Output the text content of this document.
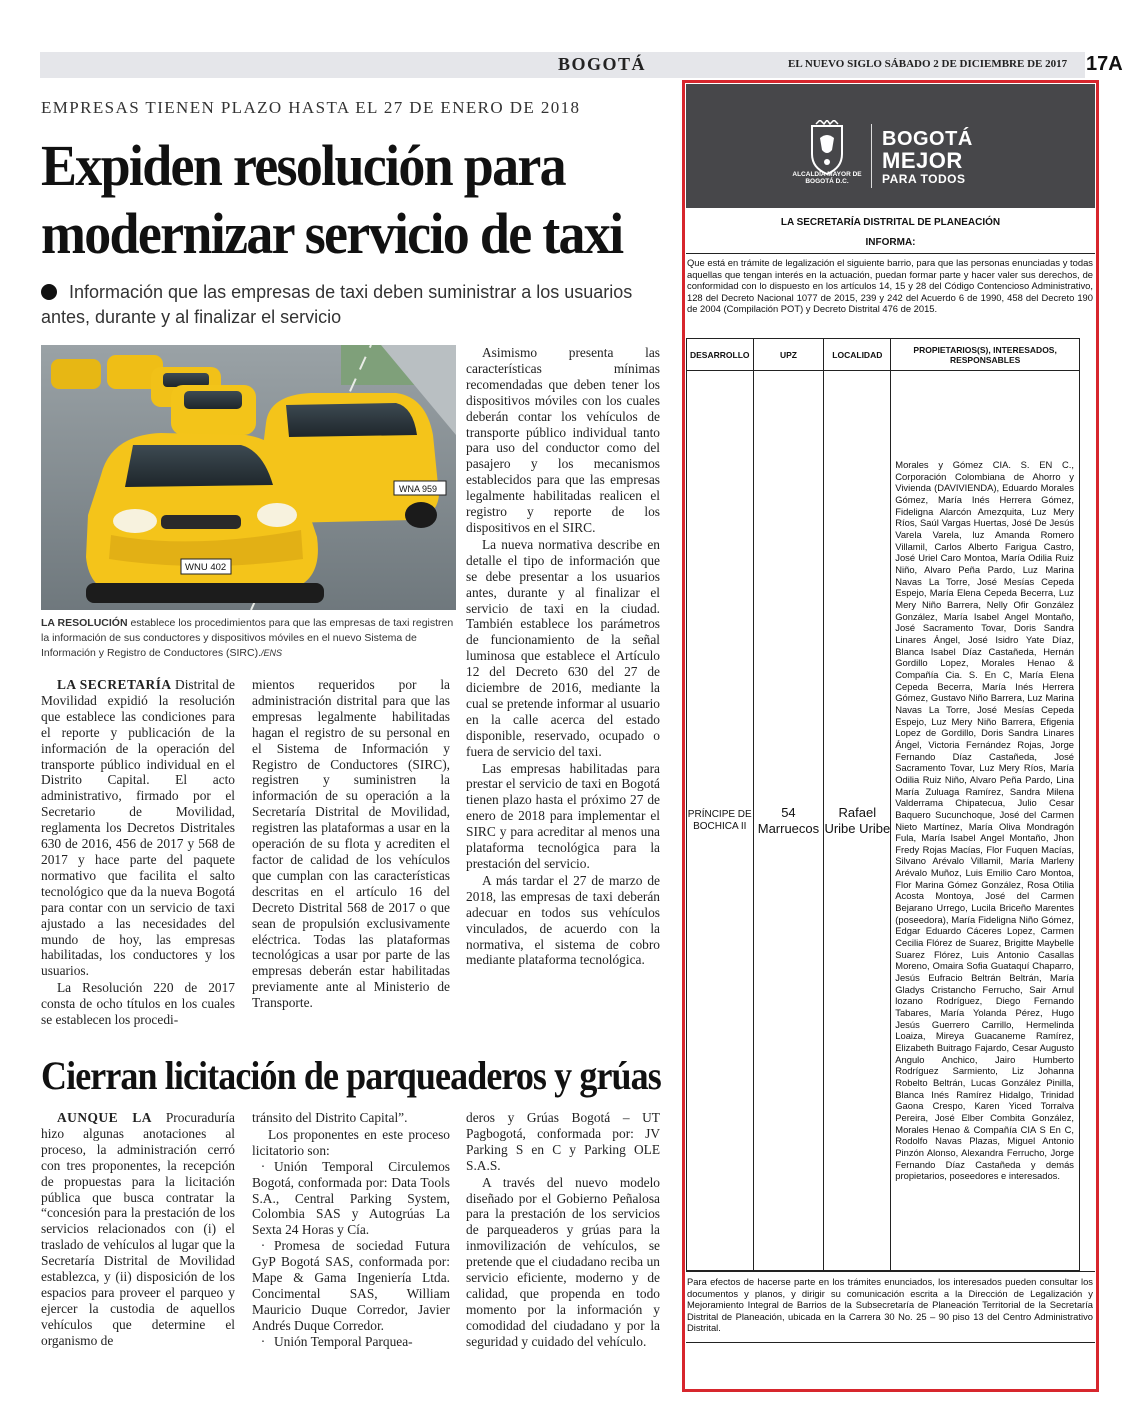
BOGOTÁ	EL NUEVO SIGLO SÁBADO 2 DE DICIEMBRE DE 2017 17A
EMPRESAS TIENEN PLAZO HASTA EL 27 DE ENERO DE 2018
Expiden resolución para modernizar servicio de taxi
Información que las empresas de taxi deben suministrar a los usuarios antes, durante y al finalizar el servicio
WNA 959
WNU 402
LA RESOLUCIÓN establece los procedimientos para que las empresas de taxi registren la información de sus conductores y dispositivos móviles en el nuevo Sistema de Información y Registro de Conductores (SIRC)./ENS

LA SECRETARÍA Distrital de Movilidad expidió la resolución que establece las condiciones para el reporte y publicación de la información de la operación del transporte público individual en el Distrito Capital. El acto administrativo, firmado por el Secretario de Movilidad, reglamenta los Decretos Distritales 630 de 2016, 456 de 2017 y 568 de 2017 y hace parte del paquete normativo que facilita el salto tecnológico que da la nueva Bogotá para contar con un servicio de taxi ajustado a las necesidades del mundo de hoy, las empresas habilitadas, los conductores y los usuarios.

La Resolución 220 de 2017 consta de ocho títulos en los cuales se establecen los procedi-

mientos requeridos por la administración distrital para que las empresas legalmente habilitadas hagan el registro de su personal en el Sistema de Información y Registro de Conductores (SIRC), registren y suministren la información de su operación a la Secretaría Distrital de Movilidad, registren las plataformas a usar en la operación de su flota y acrediten el factor de calidad de los vehículos que cumplan con las características descritas en el artículo 16 del Decreto Distrital 568 de 2017 o que sean de propulsión exclusivamente eléctrica. Todas las plataformas tecnológicas a usar por parte de las empresas deberán estar habilitadas previamente ante al Ministerio de Transporte.

Asimismo presenta las características mínimas recomendadas que deben tener los dispositivos móviles con los cuales deberán contar los vehículos de transporte público individual tanto para uso del conductor como del pasajero y los mecanismos establecidos para que las empresas legalmente habilitadas realicen el registro y reporte de los dispositivos en el SIRC.

La nueva normativa describe en detalle el tipo de información que se debe presentar a los usuarios antes, durante y al finalizar el servicio de taxi en la ciudad. También establece los parámetros de funcionamiento de la señal luminosa que establece el Artículo 12 del Decreto 630 del 27 de diciembre de 2016, mediante la cual se pretende informar al usuario en la calle acerca del estado disponible, reservado, ocupado o fuera de servicio del taxi.

Las empresas habilitadas para prestar el servicio de taxi en Bogotá tienen plazo hasta el próximo 27 de enero de 2018 para implementar el SIRC y para acreditar al menos una plataforma tecnológica para la prestación del servicio.

A más tardar el 27 de marzo de 2018, las empresas de taxi deberán adecuar en todos sus vehículos vinculados, de acuerdo con la normativa, el sistema de cobro mediante plataforma tecnológica.

Cierran licitación de parqueaderos y grúas

AUNQUE LA Procuraduría hizo algunas anotaciones al proceso, la administración cerró con tres proponentes, la recepción de propuestas para la licitación pública que busca contratar la “concesión para la prestación de los servicios relacionados con (i) el traslado de vehículos al lugar que la Secretaría Distrital de Movilidad establezca, y (ii) disposición de los espacios para proveer el parqueo y ejercer la custodia de aquellos vehículos que determine el organismo de

tránsito del Distrito Capital”.

Los proponentes en este proceso licitatorio son:

· Unión Temporal Circulemos Bogotá, conformada por: Data Tools S.A., Central Parking System, Colombia SAS y Autogrúas La Sexta 24 Horas y Cía.
· Promesa de sociedad Futura GyP Bogotá SAS, conformada por: Mape & Gama Ingeniería Ltda. Concimental SAS, William Mauricio Duque Corredor, Javier Andrés Duque Corredor.
· Unión Temporal Parquea-

deros y Grúas Bogotá – UT Pagbogotá, conformada por: JV Parking S en C y Parking OLE S.A.S.

A través del nuevo modelo diseñado por el Gobierno Peñalosa para la prestación de los servicios de parqueaderos y grúas para la inmovilización de vehículos, se pretende que el ciudadano reciba un servicio eficiente, moderno y de calidad, que propenda en todo momento por la información y comodidad del ciudadano y por la seguridad y cuidado del vehículo.

ALCALDÍA MAYOR DE BOGOTÁ D.C.
BOGOTÁ
MEJOR
PARA TODOS
LA SECRETARÍA DISTRITAL DE PLANEACIÓN
INFORMA:
Que está en trámite de legalización el siguiente barrio, para que las personas enunciadas y todas aquellas que tengan interés en la actuación, puedan formar parte y hacer valer sus derechos, de conformidad con lo dispuesto en los artículos 14, 15 y 28 del Código Contencioso Administrativo, 128 del Decreto Nacional 1077 de 2015, 239 y 242 del Acuerdo 6 de 1990, 458 del Decreto 190 de 2004 (Compilación POT) y Decreto Distrital 476 de 2015.
DESARROLLO	UPZ	LOCALIDAD	PROPIETARIOS(S), INTERESADOS, RESPONSABLES
PRÍNCIPE DE BOCHICA II	54 Marruecos	Rafael Uribe Uribe	Morales y Gómez CIA. S. EN C., Corporación Colombiana de Ahorro y Vivienda (DAVIVIENDA), Eduardo Morales Gómez, María Inés Herrera Gómez, Fideligna Alarcón Amezquita, Luz Mery Ríos, Saúl Vargas Huertas, José De Jesús Varela Varela, luz Amanda Romero Villamil, Carlos Alberto Fariguа Castro, José Uriel Caro Montoa, María Odilia Ruiz Niño, Alvaro Peña Pardo, Luz Marina Navas La Torre, José Mesías Cepeda Espejo, María Elena Cepeda Becerra, Luz Mery Niño Barrera, Nelly Ofir González González, María Isabel Angel Montaño, José Sacramento Tovar, Doris Sandra Linares Ángel, José Isidro Yate Díaz, Blanca Isabel Díaz Castañeda, Hernán Gordillo Lopez, Morales Henao & Compañía Cia. S. En C, María Elena Cepeda Becerra, María Inés Herrera Gómez, Gustavo Niño Barrera, Luz Marina Navas La Torre, José Mesías Cepeda Espejo, Luz Mery Niño Barrera, Efigenia Lopez de Gordillo, Doris Sandra Linares Ángel, Victoria Fernández Rojas, Jorge Fernando Díaz Castañeda, José Sacramento Tovar, Luz Mery Ríos, María Odilia Ruiz Niño, Alvaro Peña Pardo, Lina María Zuluaga Ramírez, Sandra Milena Valderrama Chipatecua, Julio Cesar Baquero Sucunchoque, José del Carmen Nieto Martínez, María Oliva Mondragón Fula, María Isabel Angel Montaño, Jhon Fredy Rojas Macías, Flor Fuquen Macías, Silvano Arévalo Villamil, María Marleny Arévalo Muñoz, Luis Emilio Caro Montoa, Flor Marina Gómez González, Rosa Otilia Acosta Montoya, José del Carmen Bejarano Urrego, Lucila Briceño Marentes (poseedora), María Fideligna Niño Gómez, Edgar Eduardo Cáceres Lopez, Carmen Cecilia Flórez de Suarez, Brigitte Maybelle Suarez Flórez, Luis Antonio Casallas Moreno, Omaira Sofia Guataquí Chaparro, Jesús Eufracio Beltrán Beltrán, María Gladys Cristancho Ferrucho, Sair Arnul lozano Rodríguez, Diego Fernando Tabares, María Yolanda Pérez, Hugo Jesús Guerrero Carrillo, Hermelinda Loaiza, Mireya Guacaneme Ramírez, Elizabeth Buitrago Fajardo, Cesar Augusto Angulo Anchico, Jairo Humberto Rodríguez Sarmiento, Liz Johanna Robelto Beltrán, Lucas González Pinilla, Blanca Inés Ramírez Hidalgo, Trinidad Gaona Crespo, Karen Yiced Torralva Pereira, José Elber Combita González, Morales Henao & Compañía CIA S En C, Rodolfo Navas Plazas, Miguel Antonio Pinzón Alonso, Alexandra Ferrucho, Jorge Fernando Díaz Castañeda y demás propietarios, poseedores e interesados.
Para efectos de hacerse parte en los trámites enunciados, los interesados pueden consultar los documentos y planos, y dirigir su comunicación escrita a la Dirección de Legalización y Mejoramiento Integral de Barrios de la Subsecretaría de Planeación Territorial de la Secretaría Distrital de Planeación, ubicada en la Carrera 30 No. 25 – 90 piso 13 del Centro Administrativo Distrital.
